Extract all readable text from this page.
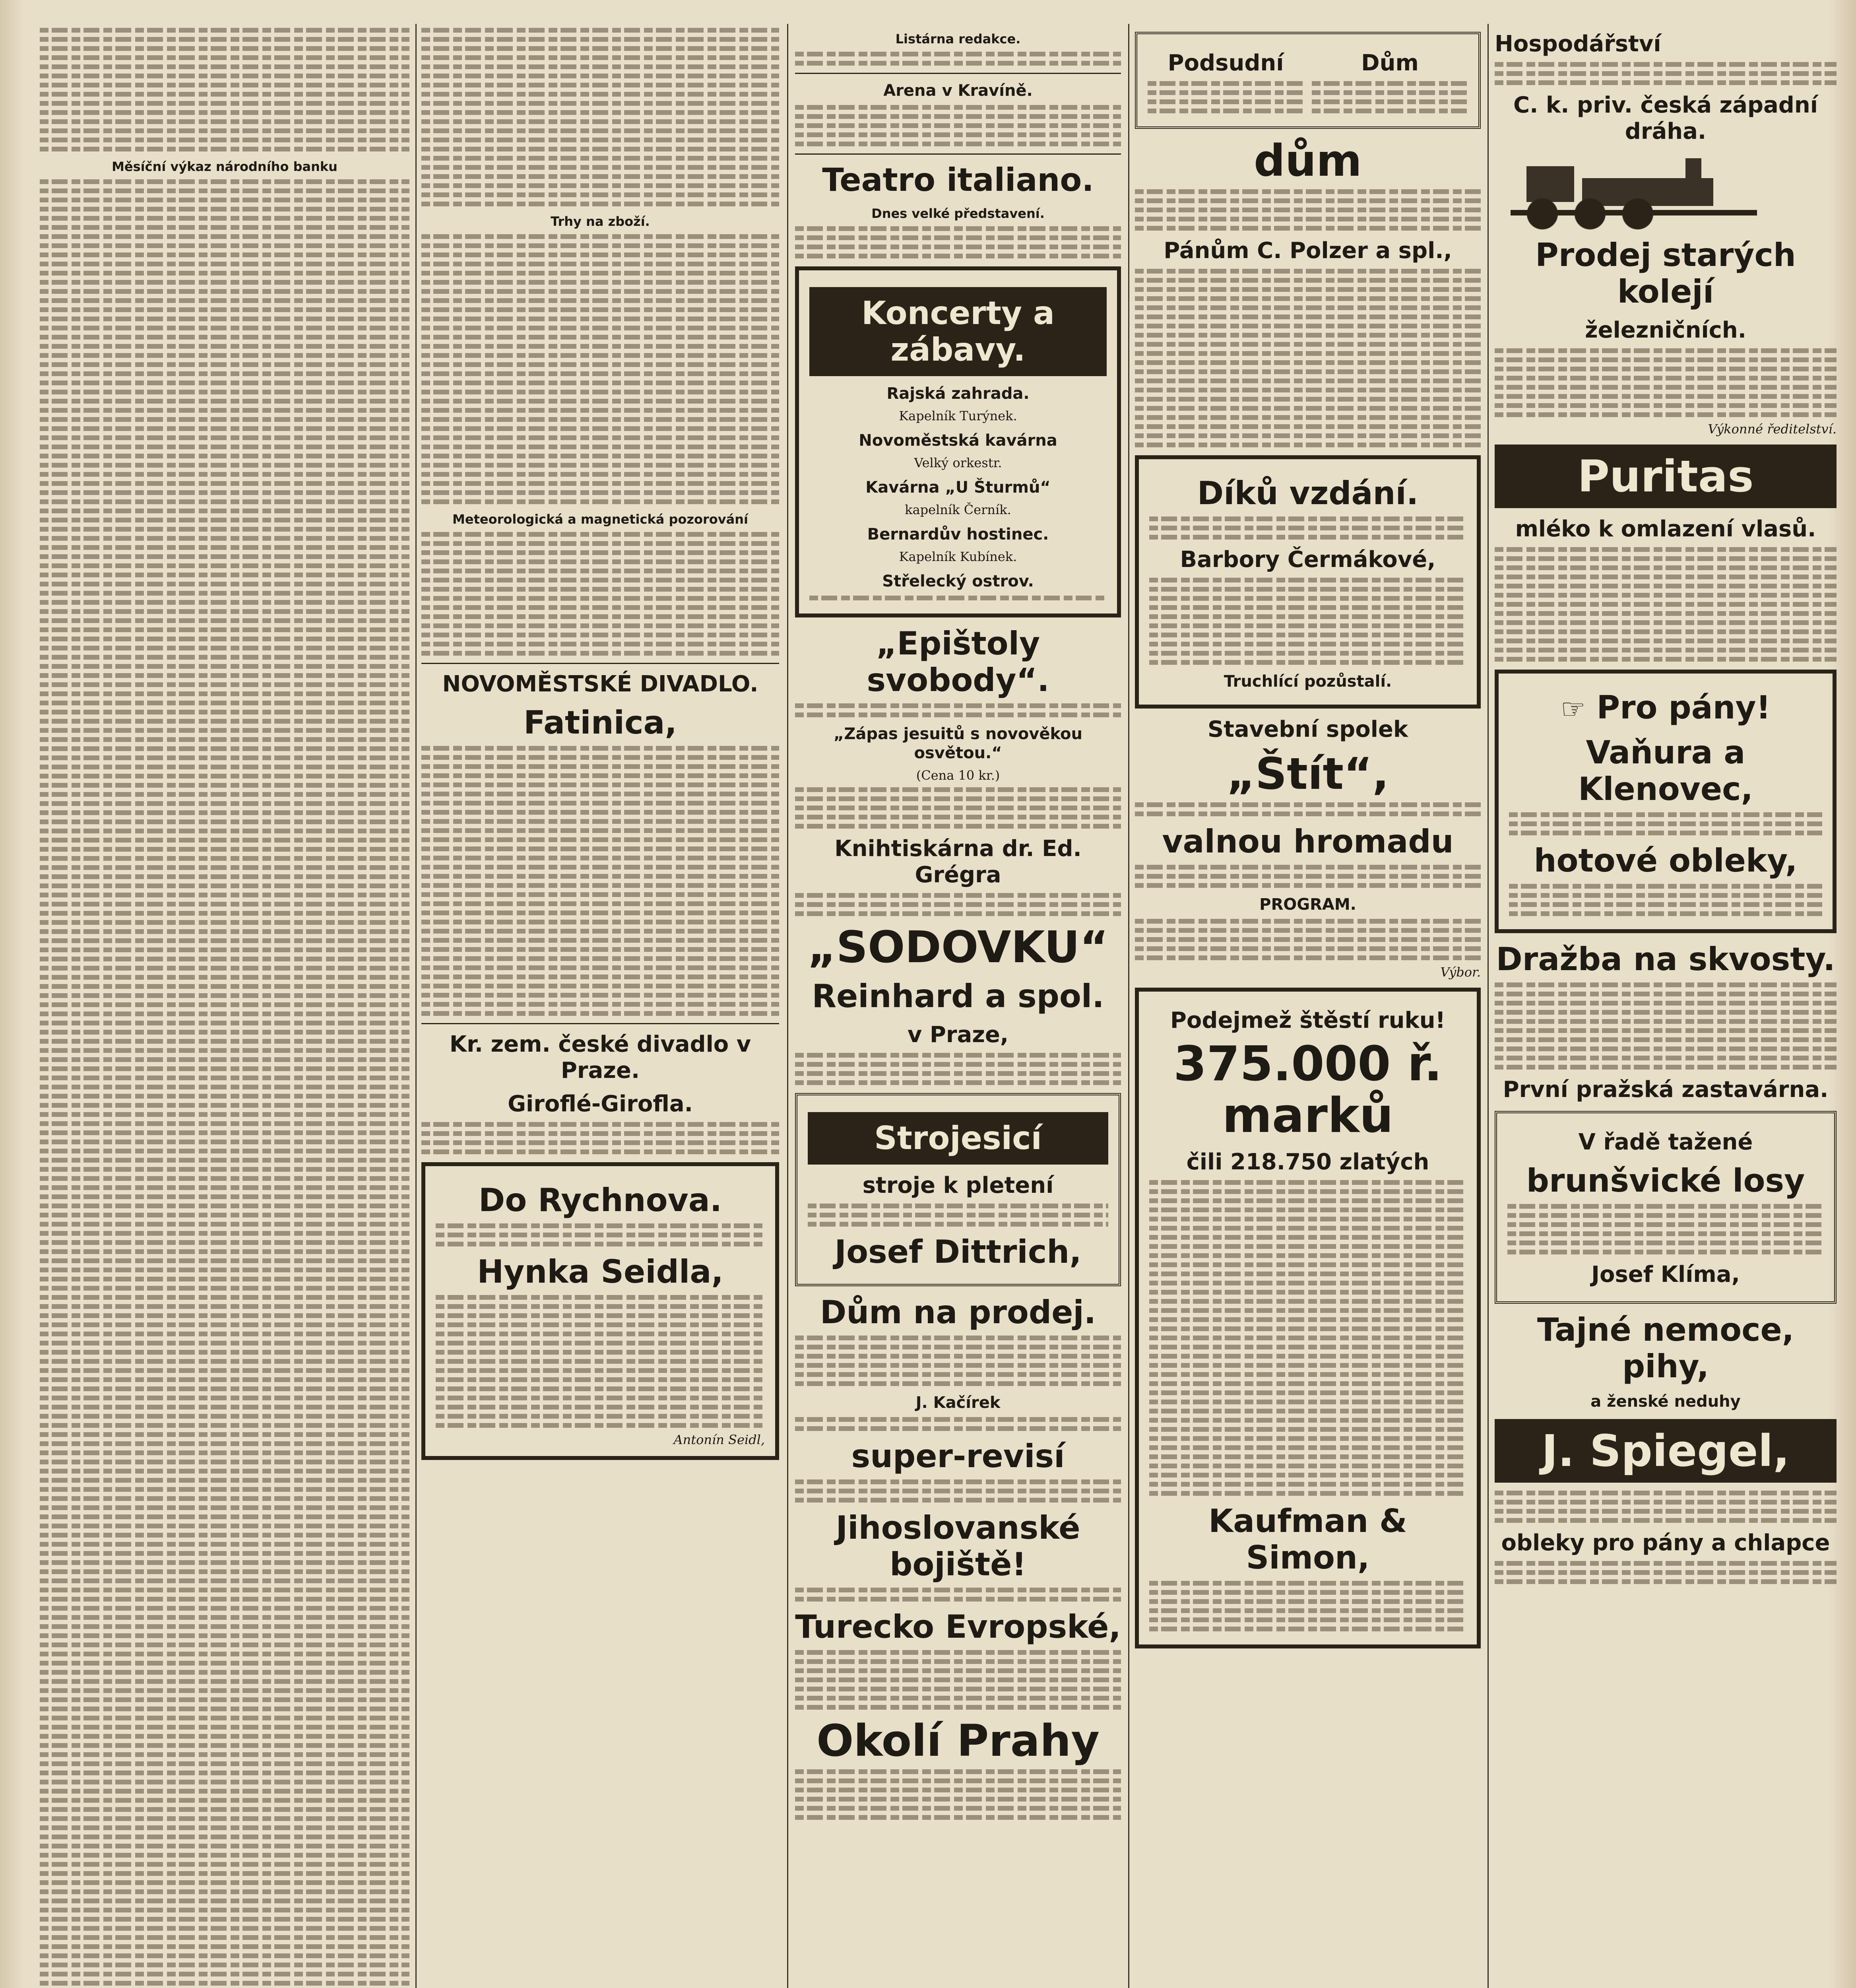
Měsíční výkaz národního banku
Trhy na zboží.
Meteorologická a magnetická pozorování
NOVOMĚSTSKÉ DIVADLO.
Fatinica,
Kr. zem. české divadlo v Praze.
Giroflé-Girofla.
Do Rychnova.
Hynka Seidla,
Antonín Seidl,
Listárna redakce.
Arena v Kravíně.
Teatro italiano.
Dnes velké představení.
Koncerty a zábavy.
Rajská zahrada.
Kapelník Turýnek.
Novoměstská kavárna
Velký orkestr.
Kavárna „U Šturmů“
kapelník Černík.
Bernardův hostinec.
Kapelník Kubínek.
Střelecký ostrov.
„Epištoly svobody“.
„Zápas jesuitů s novověkou osvětou.“
(Cena 10 kr.)
Knihtiskárna dr. Ed. Grégra
„SODOVKU“
Reinhard a spol.
v Praze,
Strojesicí
stroje k pletení
Josef Dittrich,
Dům na prodej.
J. Kačírek
super-revisí
Jihoslovanské bojiště!
Turecko Evropské,
Okolí Prahy
Podsudní	Dům
dům
Pánům C. Polzer a spl.,
Díků vzdání.
Barbory Čermákové,
Truchlící pozůstalí.
Stavební spolek
„Štít“,
valnou hromadu
PROGRAM.
Výbor.
Podejmež štěstí ruku!
375.000 ř. marků
čili 218.750 zlatých
Kaufman & Simon,
Hospodářství
C. k. priv. česká západní dráha.
Prodej starých kolejí
železničních.
Výkonné ředitelství.
Puritas
mléko k omlazení vlasů.
☞ Pro pány!
Vaňura a Klenovec,
hotové obleky,
Dražba na skvosty.
První pražská zastavárna.
V řadě tažené
brunšvické losy
Josef Klíma,
Tajné nemoce, pihy,
a ženské neduhy
J. Spiegel,
obleky pro pány a chlapce
